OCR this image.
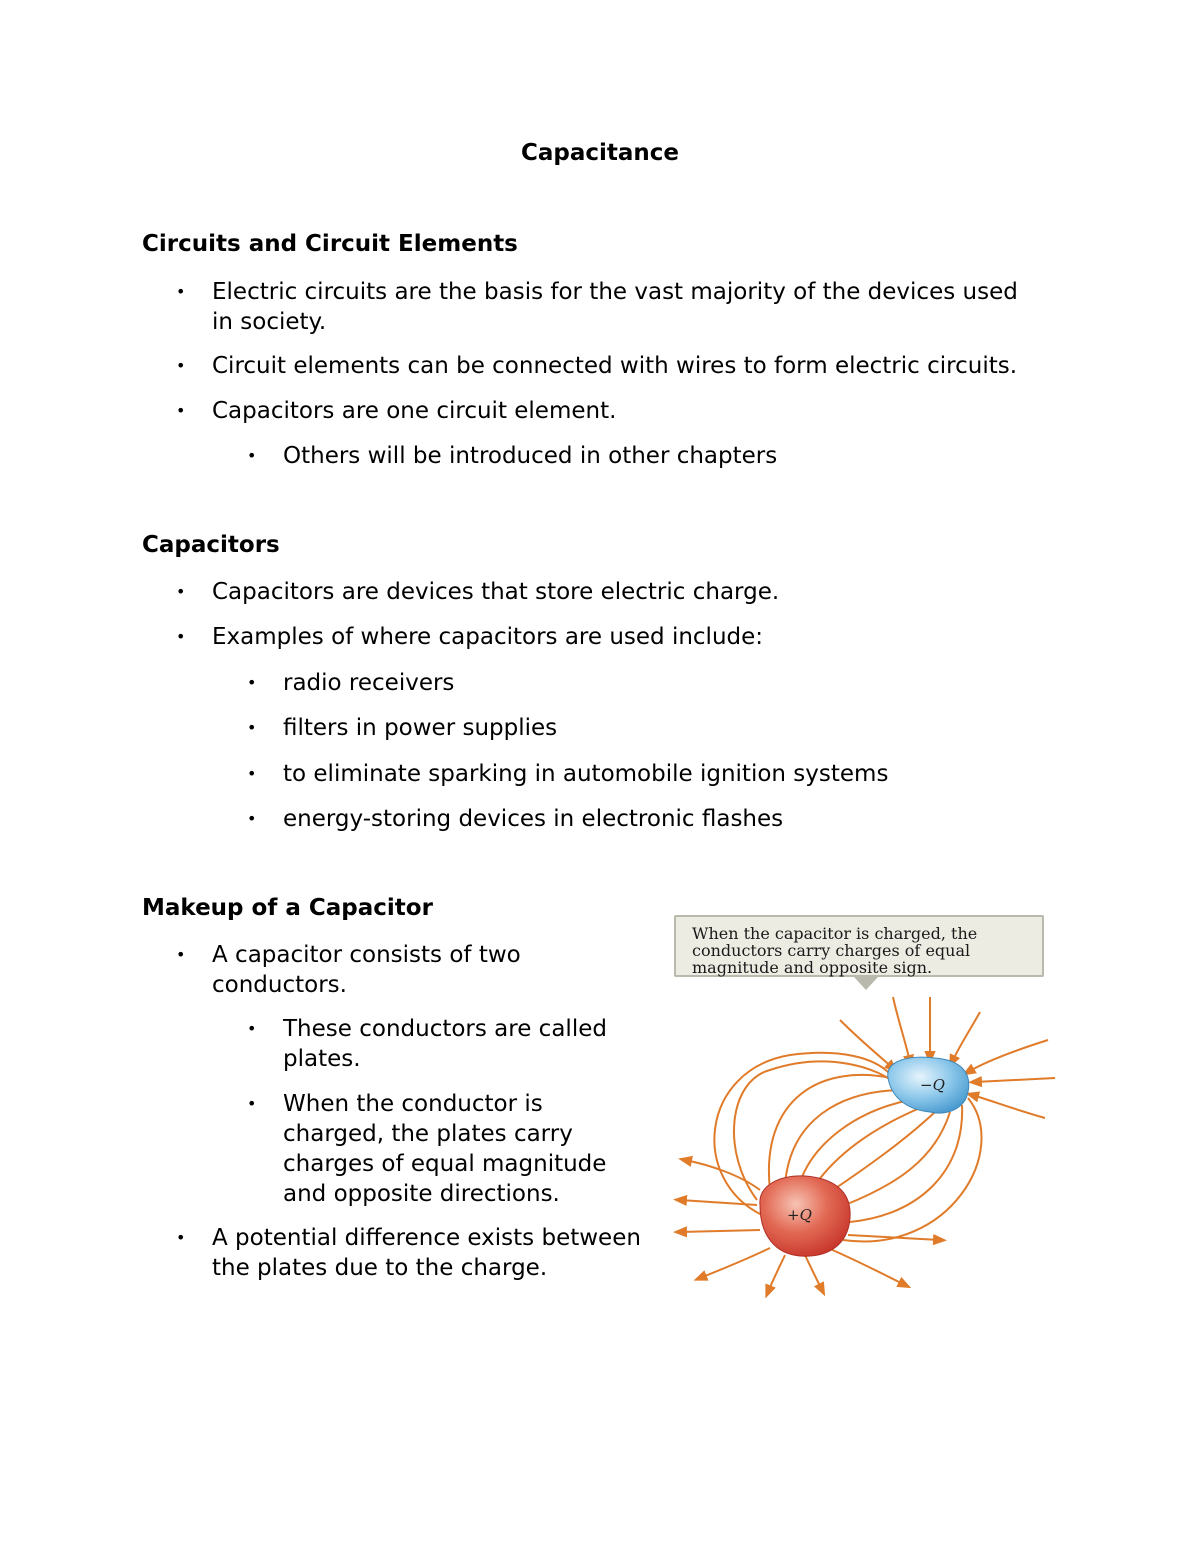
Capacitance
Circuits and Circuit Elements
• Electric circuits are the basis for the vast majority of the devices used
in society.
• Circuit elements can be connected with wires to form electric circuits.
• Capacitors are one circuit element.
• Others will be introduced in other chapters
Capacitors
• Capacitors are devices that store electric charge.
• Examples of where capacitors are used include:
• radio receivers
• filters in power supplies
• to eliminate sparking in automobile ignition systems
• energy-storing devices in electronic flashes
Makeup of a Capacitor
• A capacitor consists of two
conductors.
• These conductors are called
plates.
• When the conductor is
charged, the plates carry
charges of equal magnitude
and opposite directions.
• A potential difference exists between
the plates due to the charge.
When the capacitor is charged, the
conductors carry charges of equal
magnitude and opposite sign.
−Q
+Q
